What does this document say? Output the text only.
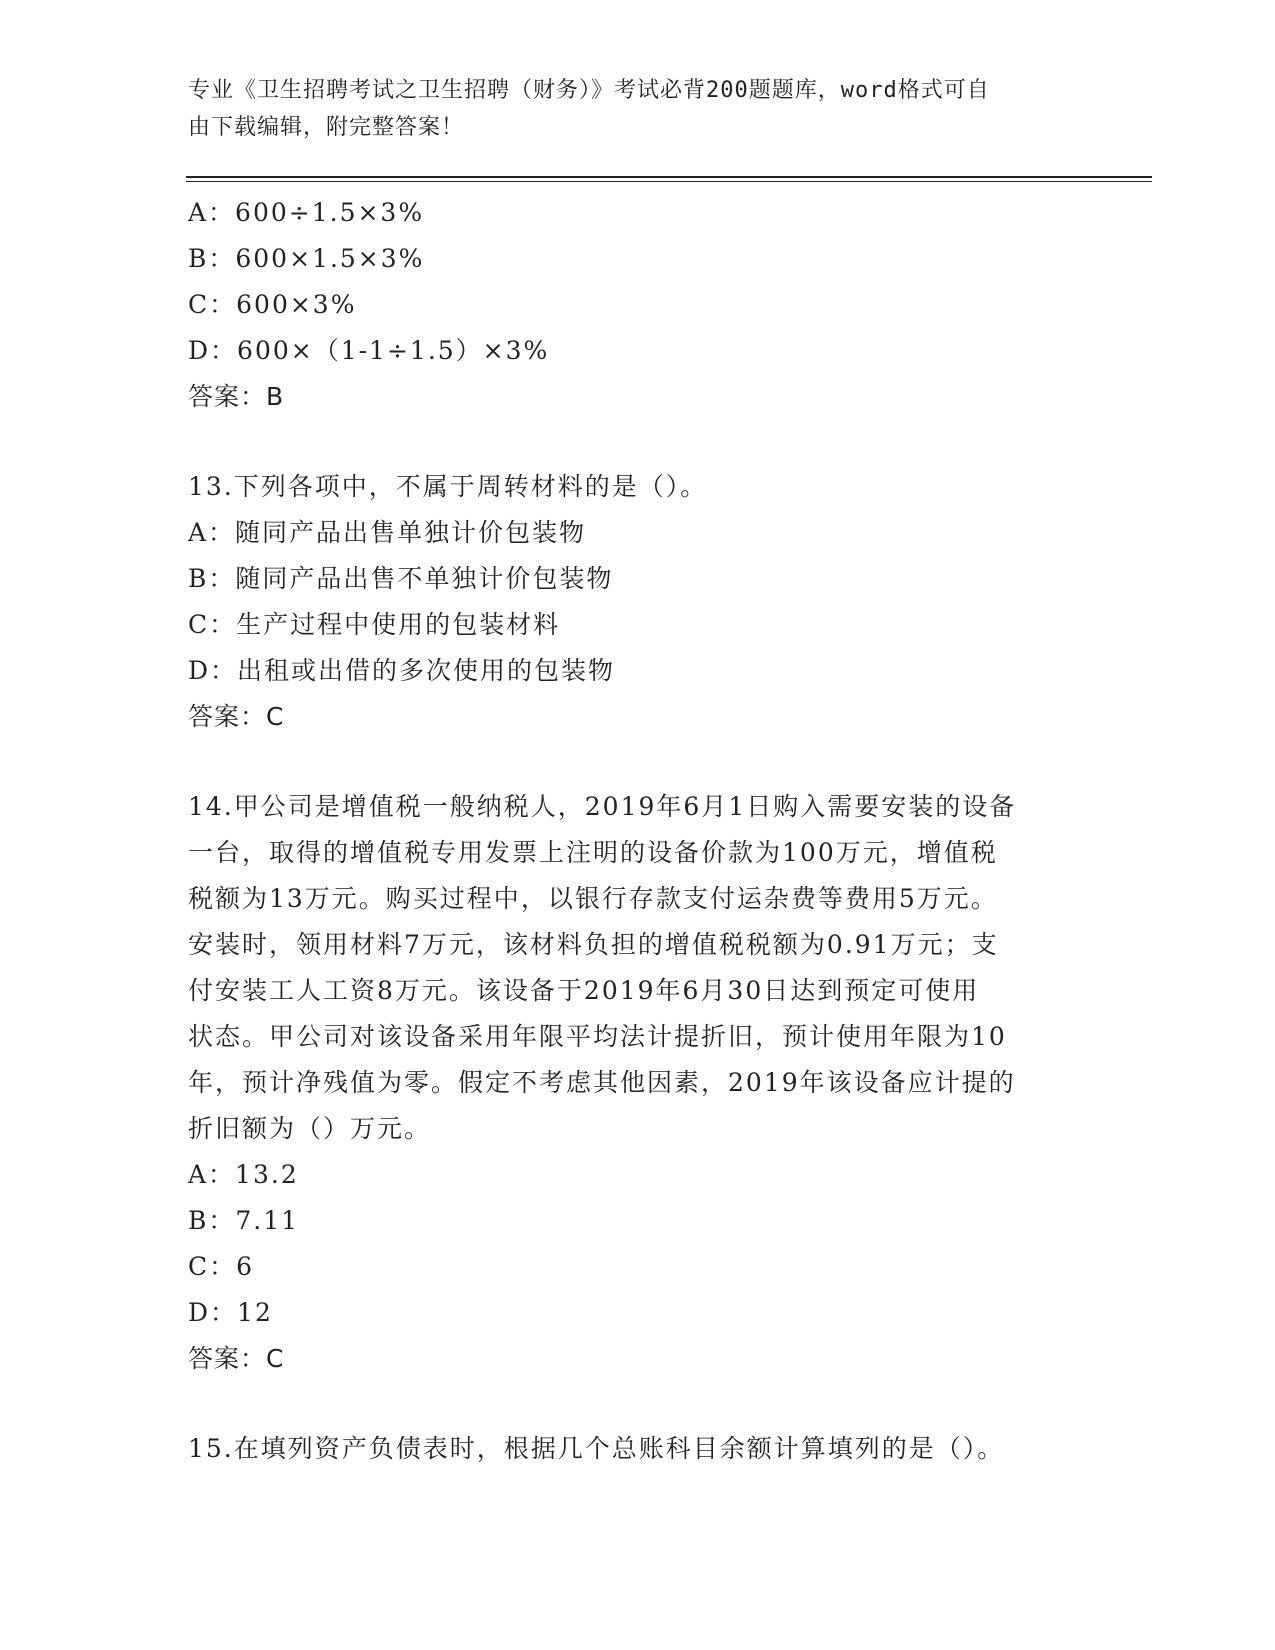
专业《卫生招聘考试之卫生招聘（财务）》考试必背200题题库，word格式可自
由下载编辑，附完整答案！
A：600÷1.5×3%
B：600×1.5×3%
C：600×3%
D：600×（1-1÷1.5）×3%
答案：B
13.下列各项中，不属于周转材料的是（）。
A：随同产品出售单独计价包装物
B：随同产品出售不单独计价包装物
C：生产过程中使用的包装材料
D：出租或出借的多次使用的包装物
答案：C
14.甲公司是增值税一般纳税人，2019年6月1日购入需要安装的设备
一台，取得的增值税专用发票上注明的设备价款为100万元，增值税
税额为13万元。购买过程中，以银行存款支付运杂费等费用5万元。
安装时，领用材料7万元，该材料负担的增值税税额为0.91万元；支
付安装工人工资8万元。该设备于2019年6月30日达到预定可使用
状态。甲公司对该设备采用年限平均法计提折旧，预计使用年限为10
年，预计净残值为零。假定不考虑其他因素，2019年该设备应计提的
折旧额为（）万元。
A：13.2
B：7.11
C：6
D：12
答案：C
15.在填列资产负债表时，根据几个总账科目余额计算填列的是（）。
